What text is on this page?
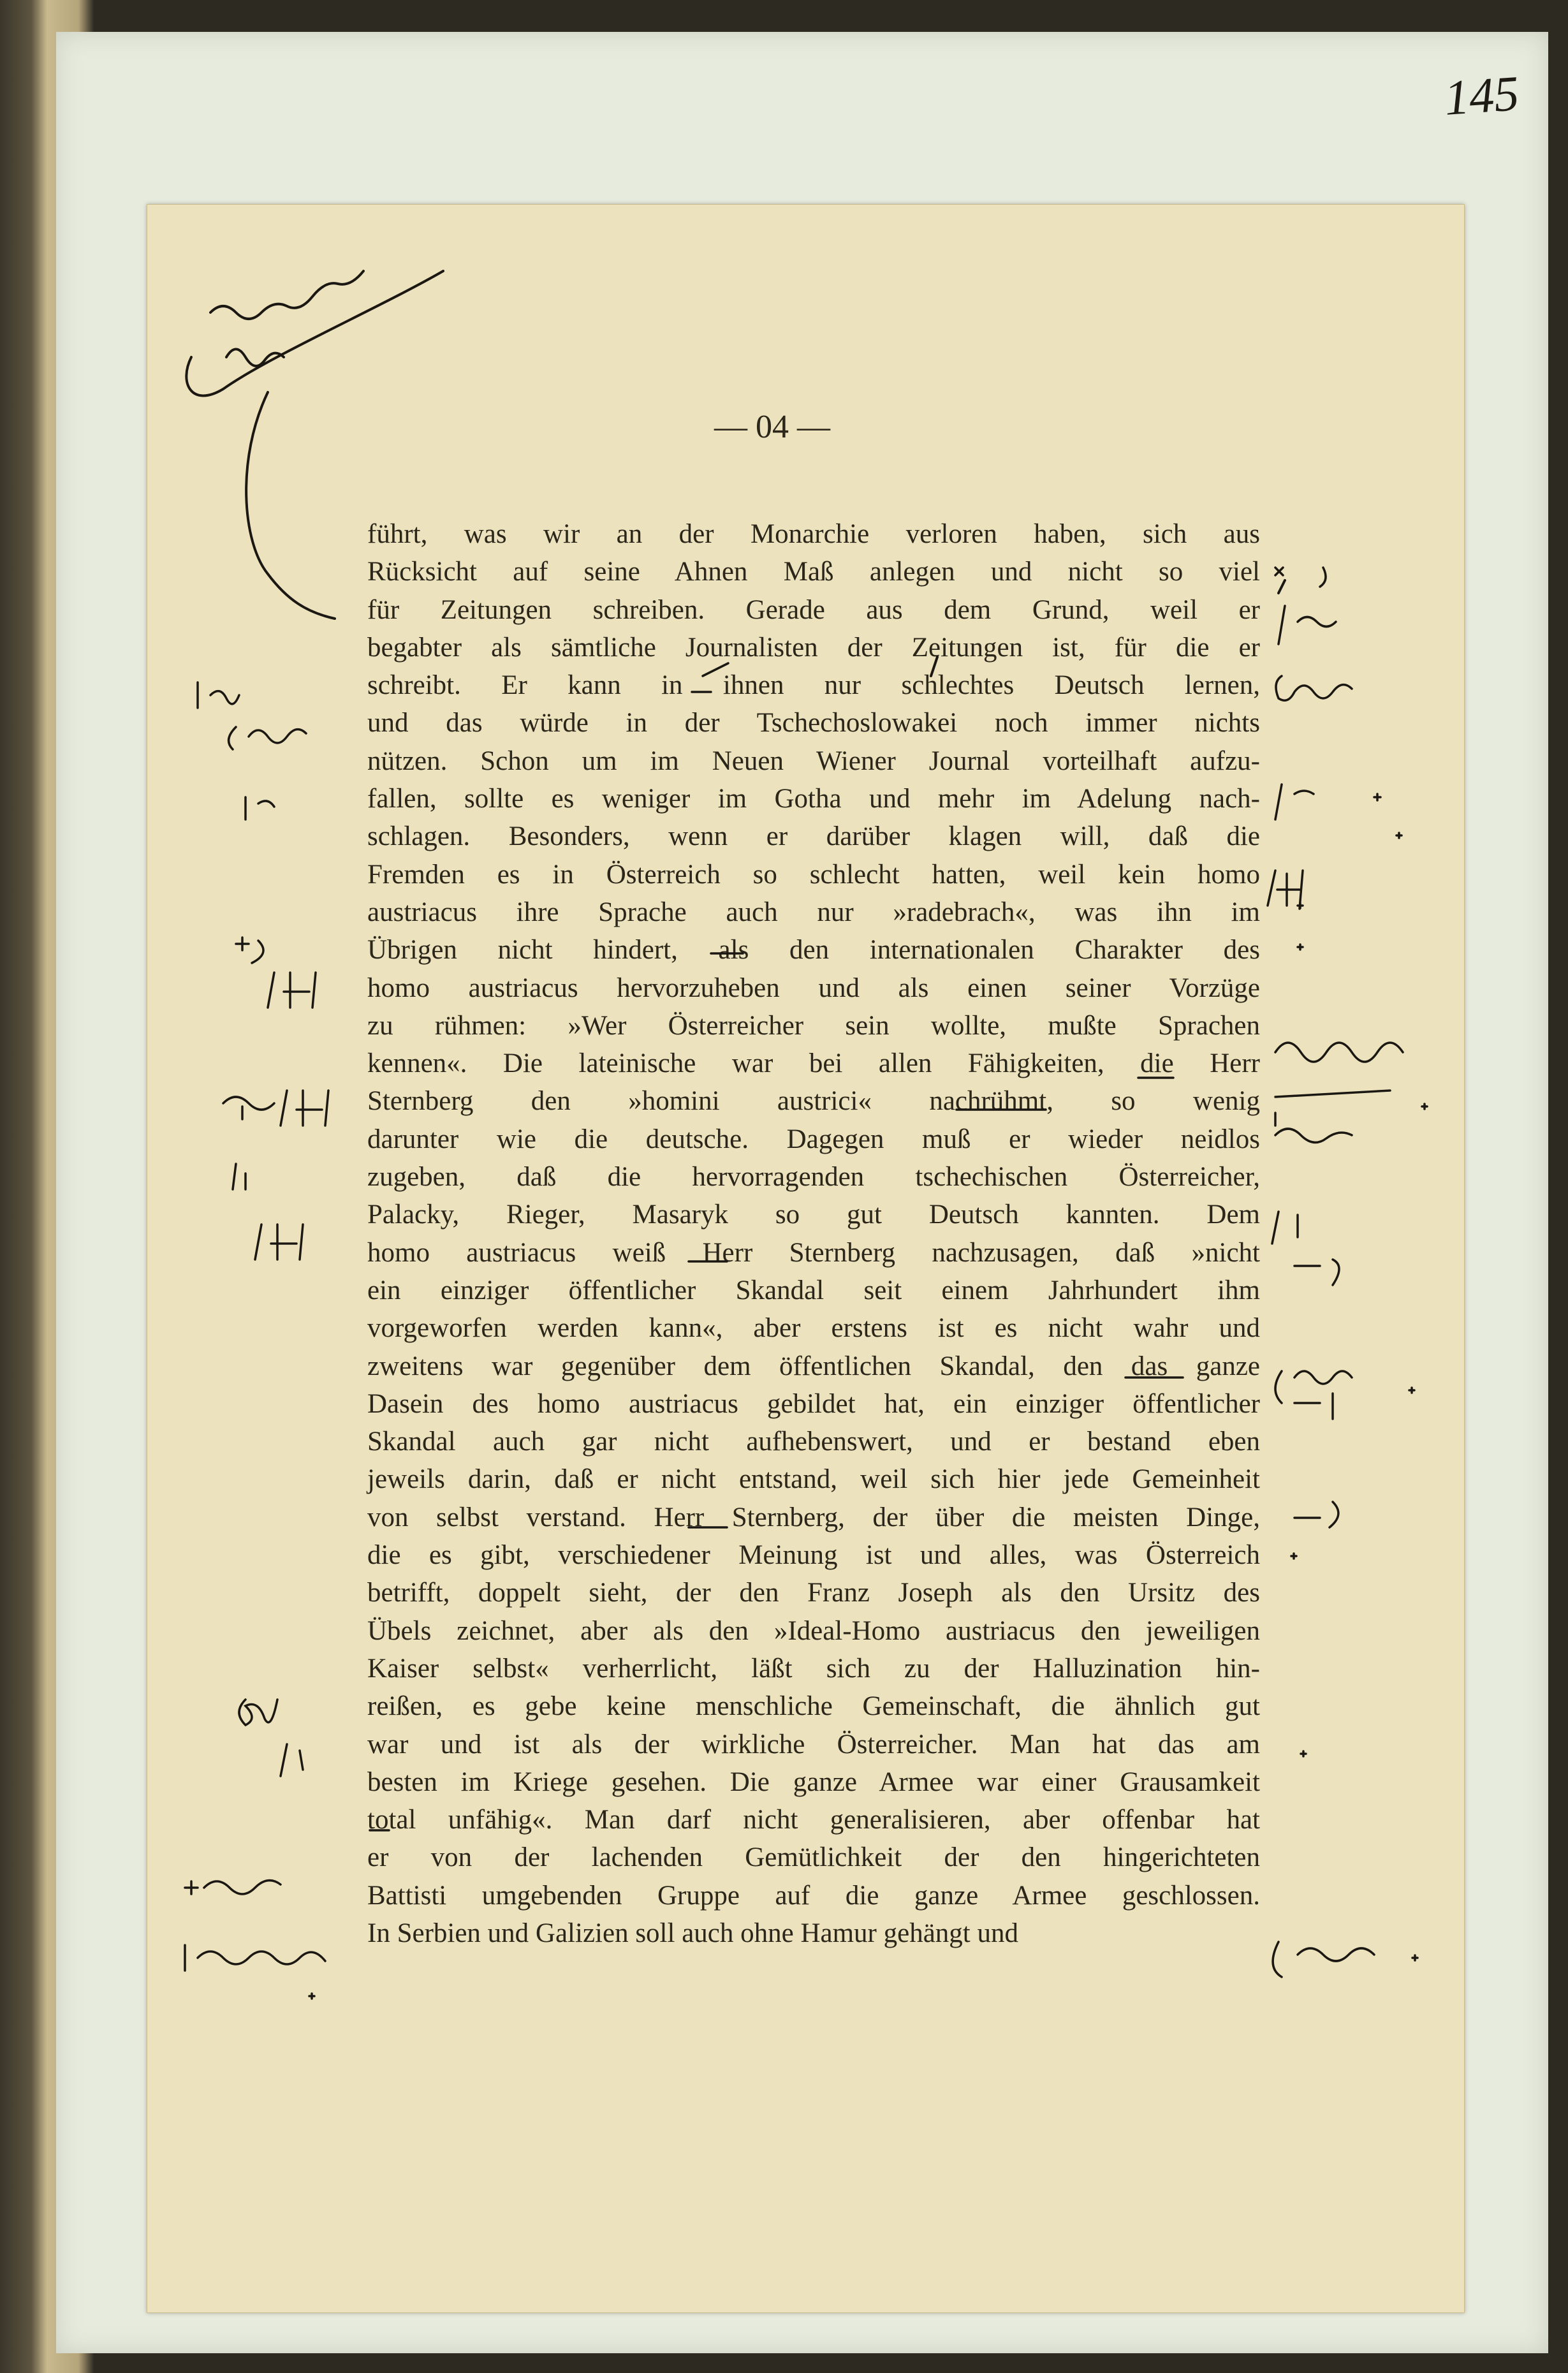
145
— 04 —
führt, was wir an der Monarchie verloren haben, sich aus
Rücksicht auf seine Ahnen Maß anlegen und nicht so viel
für Zeitungen schreiben. Gerade aus dem Grund, weil er
begabter als sämtliche Journalisten der Zeitungen ist, für die er
schreibt. Er kann in ihnen nur schlechtes Deutsch lernen,
und das würde in der Tschechoslowakei noch immer nichts
nützen. Schon um im Neuen Wiener Journal vorteilhaft aufzu-
fallen, sollte es weniger im Gotha und mehr im Adelung nach-
schlagen. Besonders, wenn er darüber klagen will, daß die
Fremden es in Österreich so schlecht hatten, weil kein homo
austriacus ihre Sprache auch nur »radebrach«, was ihn im
Übrigen nicht hindert, als den internationalen Charakter des
homo austriacus hervorzuheben und als einen seiner Vorzüge
zu rühmen: »Wer Österreicher sein wollte, mußte Sprachen
kennen«. Die lateinische war bei allen Fähigkeiten, die Herr
Sternberg den »homini austrici« nachrühmt, so wenig
darunter wie die deutsche. Dagegen muß er wieder neidlos
zugeben, daß die hervorragenden tschechischen Österreicher,
Palacky, Rieger, Masaryk so gut Deutsch kannten. Dem
homo austriacus weiß Herr Sternberg nachzusagen, daß »nicht
ein einziger öffentlicher Skandal seit einem Jahrhundert ihm
vorgeworfen werden kann«, aber erstens ist es nicht wahr und
zweitens war gegenüber dem öffentlichen Skandal, den das ganze
Dasein des homo austriacus gebildet hat, ein einziger öffentlicher
Skandal auch gar nicht aufhebenswert, und er bestand eben
jeweils darin, daß er nicht entstand, weil sich hier jede Gemeinheit
von selbst verstand. Herr Sternberg, der über die meisten Dinge,
die es gibt, verschiedener Meinung ist und alles, was Österreich
betrifft, doppelt sieht, der den Franz Joseph als den Ursitz des
Übels zeichnet, aber als den »Ideal-Homo austriacus den jeweiligen
Kaiser selbst« verherrlicht, läßt sich zu der Halluzination hin-
reißen, es gebe keine menschliche Gemeinschaft, die ähnlich gut
war und ist als der wirkliche Österreicher. Man hat das am
besten im Kriege gesehen. Die ganze Armee war einer Grausamkeit
total unfähig«. Man darf nicht generalisieren, aber offenbar hat
er von der lachenden Gemütlichkeit der den hingerichteten
Battisti umgebenden Gruppe auf die ganze Armee geschlossen.
In Serbien und Galizien soll auch ohne Hamur gehängt und
